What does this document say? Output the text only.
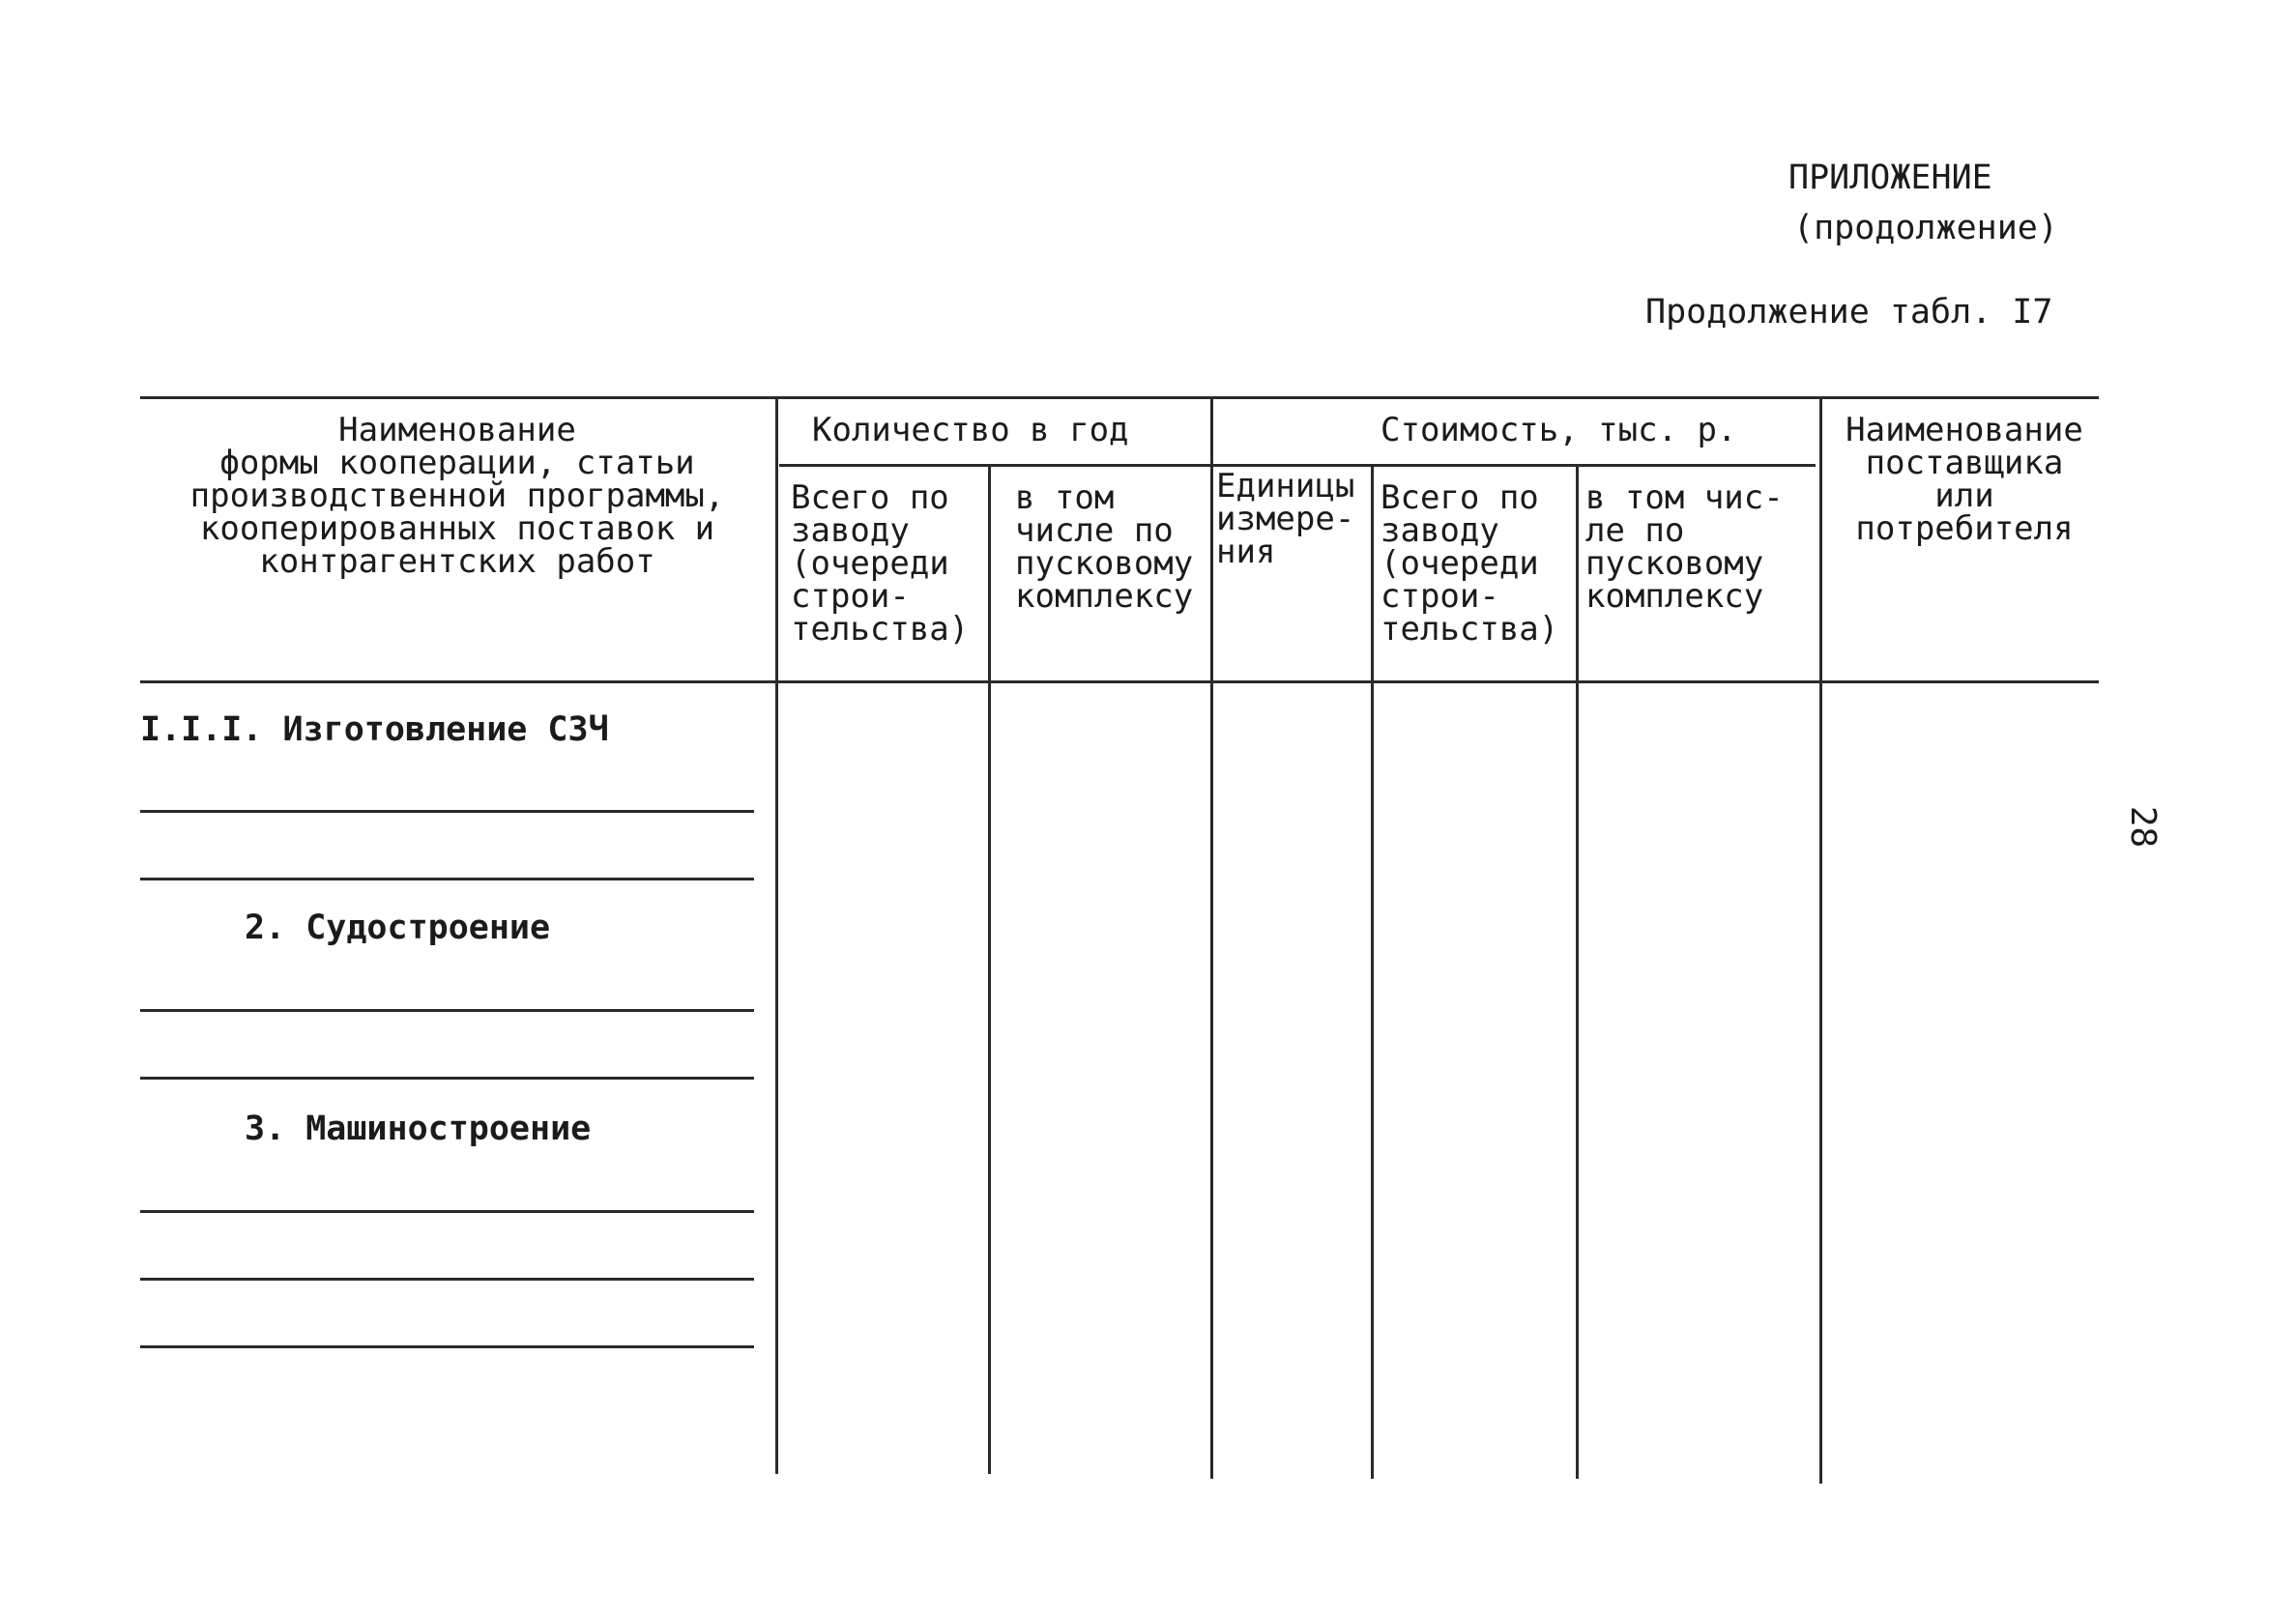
ПРИЛОЖЕНИЕ
(продолжение)
Продолжение табл. I7
28
Наименование
формы кооперации, статьи
производственной программы,
кооперированных поставок и
контрагентских работ
Количество в год	Стоимость, тыс. р.
Всего по
заводу
(очереди
строи-
тельства)
в том
числе по
пусковому
комплексу
Единицы
измере-
ния
Всего по
заводу
(очереди
строи-
тельства)
в том чис-
ле по
пусковому
комплексу
Наименование
поставщика
или
потребителя
I.I.I. Изготовление СЗЧ
2. Судостроение
3. Машиностроение
